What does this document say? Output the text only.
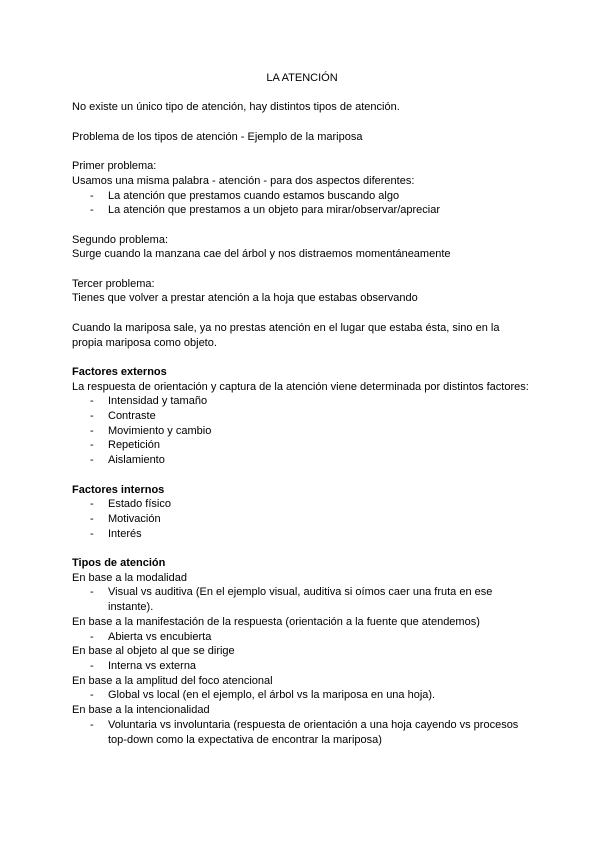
LA ATENCIÓN
No existe un único tipo de atención, hay distintos tipos de atención.
Problema de los tipos de atención - Ejemplo de la mariposa
Primer problema:
Usamos una misma palabra - atención - para dos aspectos diferentes:
- La atención que prestamos cuando estamos buscando algo
- La atención que prestamos a un objeto para mirar/observar/apreciar
Segundo problema:
Surge cuando la manzana cae del árbol y nos distraemos momentáneamente
Tercer problema:
Tienes que volver a prestar atención a la hoja que estabas observando
Cuando la mariposa sale, ya no prestas atención en el lugar que estaba ésta, sino en la propia mariposa como objeto.
Factores externos
La respuesta de orientación y captura de la atención viene determinada por distintos factores:
- Intensidad y tamaño
- Contraste
- Movimiento y cambio
- Repetición
- Aislamiento
Factores internos
- Estado físico
- Motivación
- Interés
Tipos de atención
En base a la modalidad
- Visual vs auditiva (En el ejemplo visual, auditiva si oímos caer una fruta en ese instante).
En base a la manifestación de la respuesta (orientación a la fuente que atendemos)
- Abierta vs encubierta
En base al objeto al que se dirige
- Interna vs externa
En base a la amplitud del foco atencional
- Global vs local (en el ejemplo, el árbol vs la mariposa en una hoja).
En base a la intencionalidad
- Voluntaria vs involuntaria (respuesta de orientación a una hoja cayendo vs procesos top-down como la expectativa de encontrar la mariposa)
